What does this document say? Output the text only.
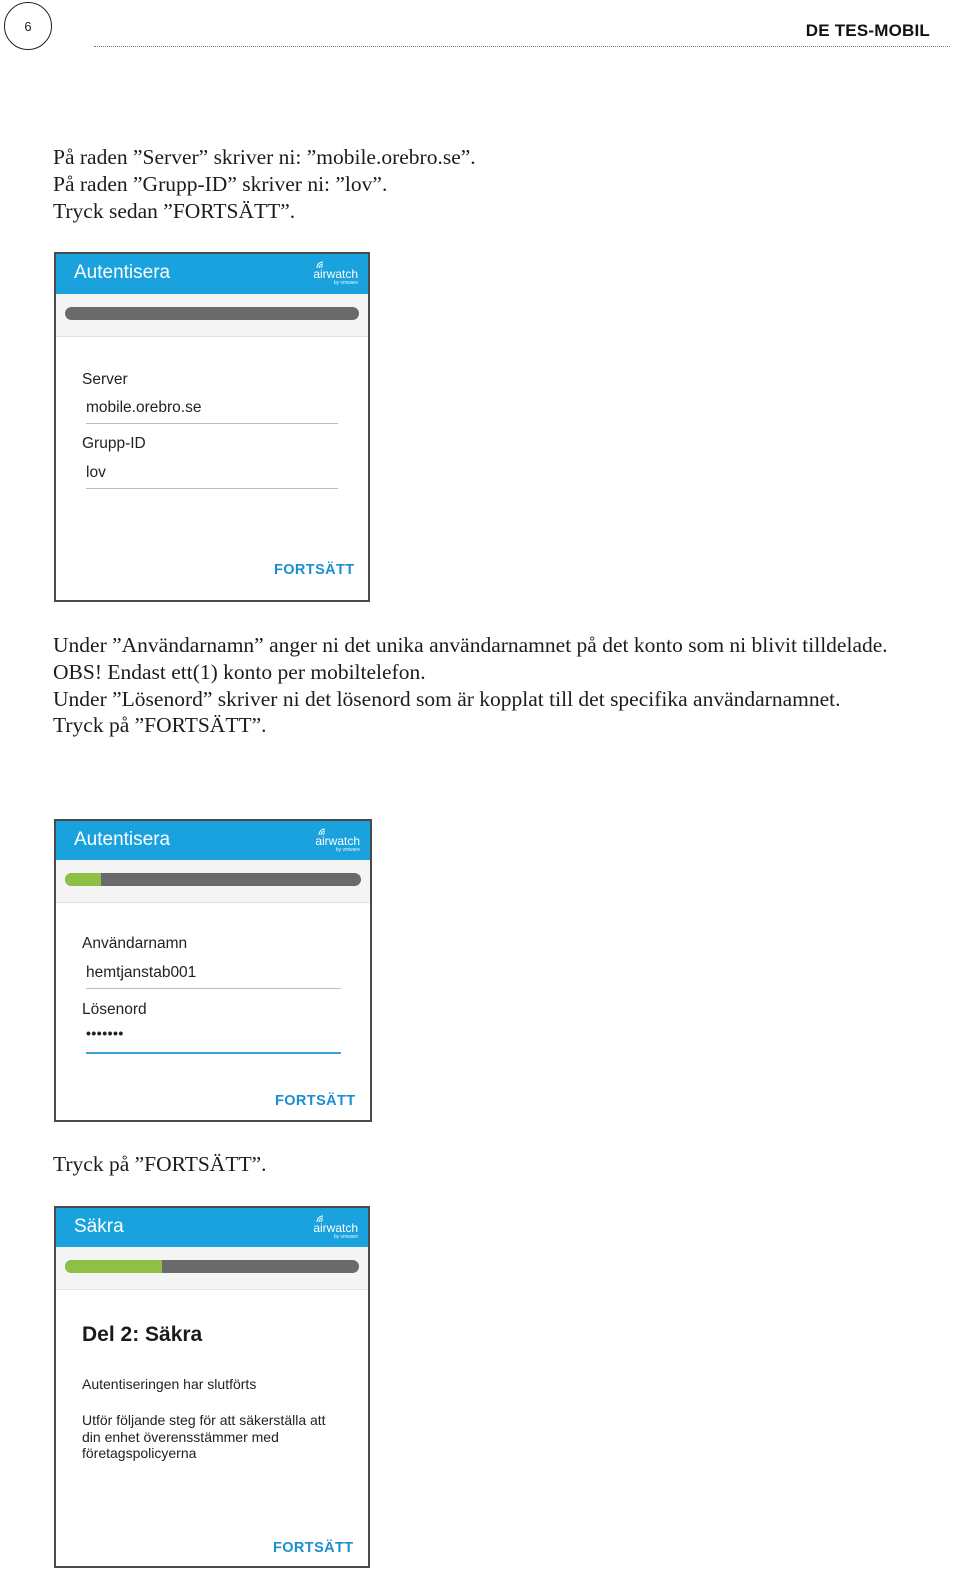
6	DE TES-MOBIL

På raden ”Server” skriver ni: ”mobile.orebro.se”.

På raden ”Grupp-ID” skriver ni: ”lov”.

Tryck sedan ”FORTSÄTT”.

Autentisera	airwatch
by vmware
Server
mobile.orebro.se
Grupp-ID
lov
FORTSÄTT

Under ”Användarnamn” anger ni det unika användarnamnet på det konto som ni blivit tilldelade.

OBS! Endast ett(1) konto per mobiltelefon.

Under ”Lösenord” skriver ni det lösenord som är kopplat till det specifika användarnamnet.

Tryck på ”FORTSÄTT”.

Autentisera	airwatch
by vmware
Användarnamn
hemtjanstab001
Lösenord
•••••••
FORTSÄTT

Tryck på ”FORTSÄTT”.

Säkra	airwatch
by vmware
Del 2: Säkra
Autentiseringen har slutförts
Utför följande steg för att säkerställa att din enhet överensstämmer med företagspolicyerna
FORTSÄTT
